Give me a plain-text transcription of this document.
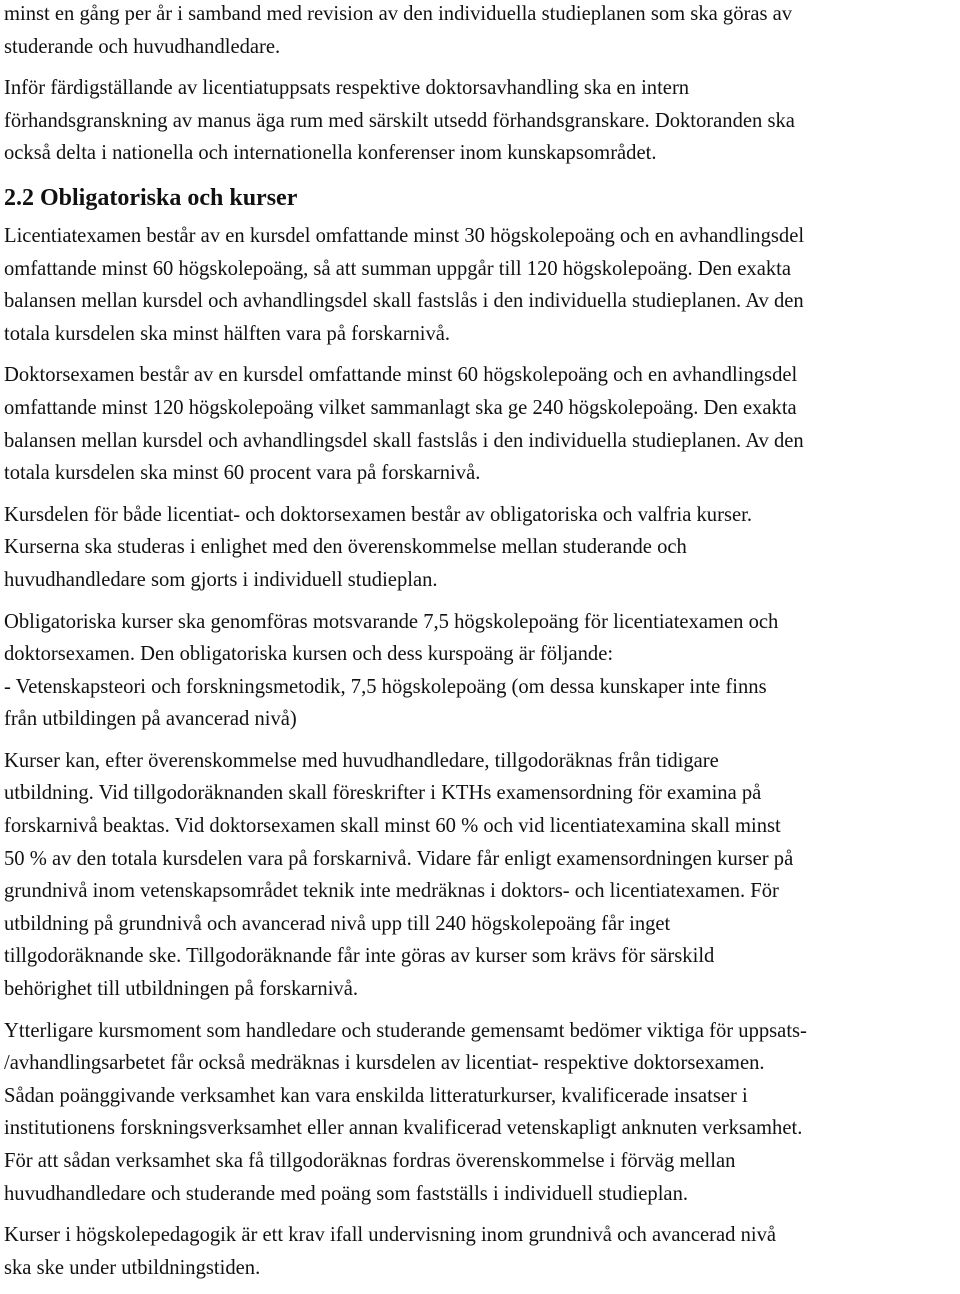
minst en gång per år i samband med revision av den individuella studieplanen som ska göras av
studerande och huvudhandledare.
Inför färdigställande av licentiatuppsats respektive doktorsavhandling ska en intern
förhandsgranskning av manus äga rum med särskilt utsedd förhandsgranskare. Doktoranden ska
också delta i nationella och internationella konferenser inom kunskapsområdet.
2.2 Obligatoriska och kurser
Licentiatexamen består av en kursdel omfattande minst 30 högskolepoäng och en avhandlingsdel
omfattande minst 60 högskolepoäng, så att summan uppgår till 120 högskolepoäng. Den exakta
balansen mellan kursdel och avhandlingsdel skall fastslås i den individuella studieplanen. Av den
totala kursdelen ska minst hälften vara på forskarnivå.
Doktorsexamen består av en kursdel omfattande minst 60 högskolepoäng och en avhandlingsdel
omfattande minst 120 högskolepoäng vilket sammanlagt ska ge 240 högskolepoäng. Den exakta
balansen mellan kursdel och avhandlingsdel skall fastslås i den individuella studieplanen. Av den
totala kursdelen ska minst 60 procent vara på forskarnivå.
Kursdelen för både licentiat- och doktorsexamen består av obligatoriska och valfria kurser.
Kurserna ska studeras i enlighet med den överenskommelse mellan studerande och
huvudhandledare som gjorts i individuell studieplan.
Obligatoriska kurser ska genomföras motsvarande 7,5 högskolepoäng för licentiatexamen och
doktorsexamen. Den obligatoriska kursen och dess kurspoäng är följande:
- Vetenskapsteori och forskningsmetodik, 7,5 högskolepoäng (om dessa kunskaper inte finns
från utbildingen på avancerad nivå)
Kurser kan, efter överenskommelse med huvudhandledare, tillgodoräknas från tidigare
utbildning. Vid tillgodoräknanden skall föreskrifter i KTHs examensordning för examina på
forskarnivå beaktas. Vid doktorsexamen skall minst 60 % och vid licentiatexamina skall minst
50 % av den totala kursdelen vara på forskarnivå. Vidare får enligt examensordningen kurser på
grundnivå inom vetenskapsområdet teknik inte medräknas i doktors- och licentiatexamen. För
utbildning på grundnivå och avancerad nivå upp till 240 högskolepoäng får inget
tillgodoräknande ske. Tillgodoräknande får inte göras av kurser som krävs för särskild
behörighet till utbildningen på forskarnivå.
Ytterligare kursmoment som handledare och studerande gemensamt bedömer viktiga för uppsats-
/avhandlingsarbetet får också medräknas i kursdelen av licentiat- respektive doktorsexamen.
Sådan poänggivande verksamhet kan vara enskilda litteraturkurser, kvalificerade insatser i
institutionens forskningsverksamhet eller annan kvalificerad vetenskapligt anknuten verksamhet.
För att sådan verksamhet ska få tillgodoräknas fordras överenskommelse i förväg mellan
huvudhandledare och studerande med poäng som fastställs i individuell studieplan.
Kurser i högskolepedagogik är ett krav ifall undervisning inom grundnivå och avancerad nivå
ska ske under utbildningstiden.
